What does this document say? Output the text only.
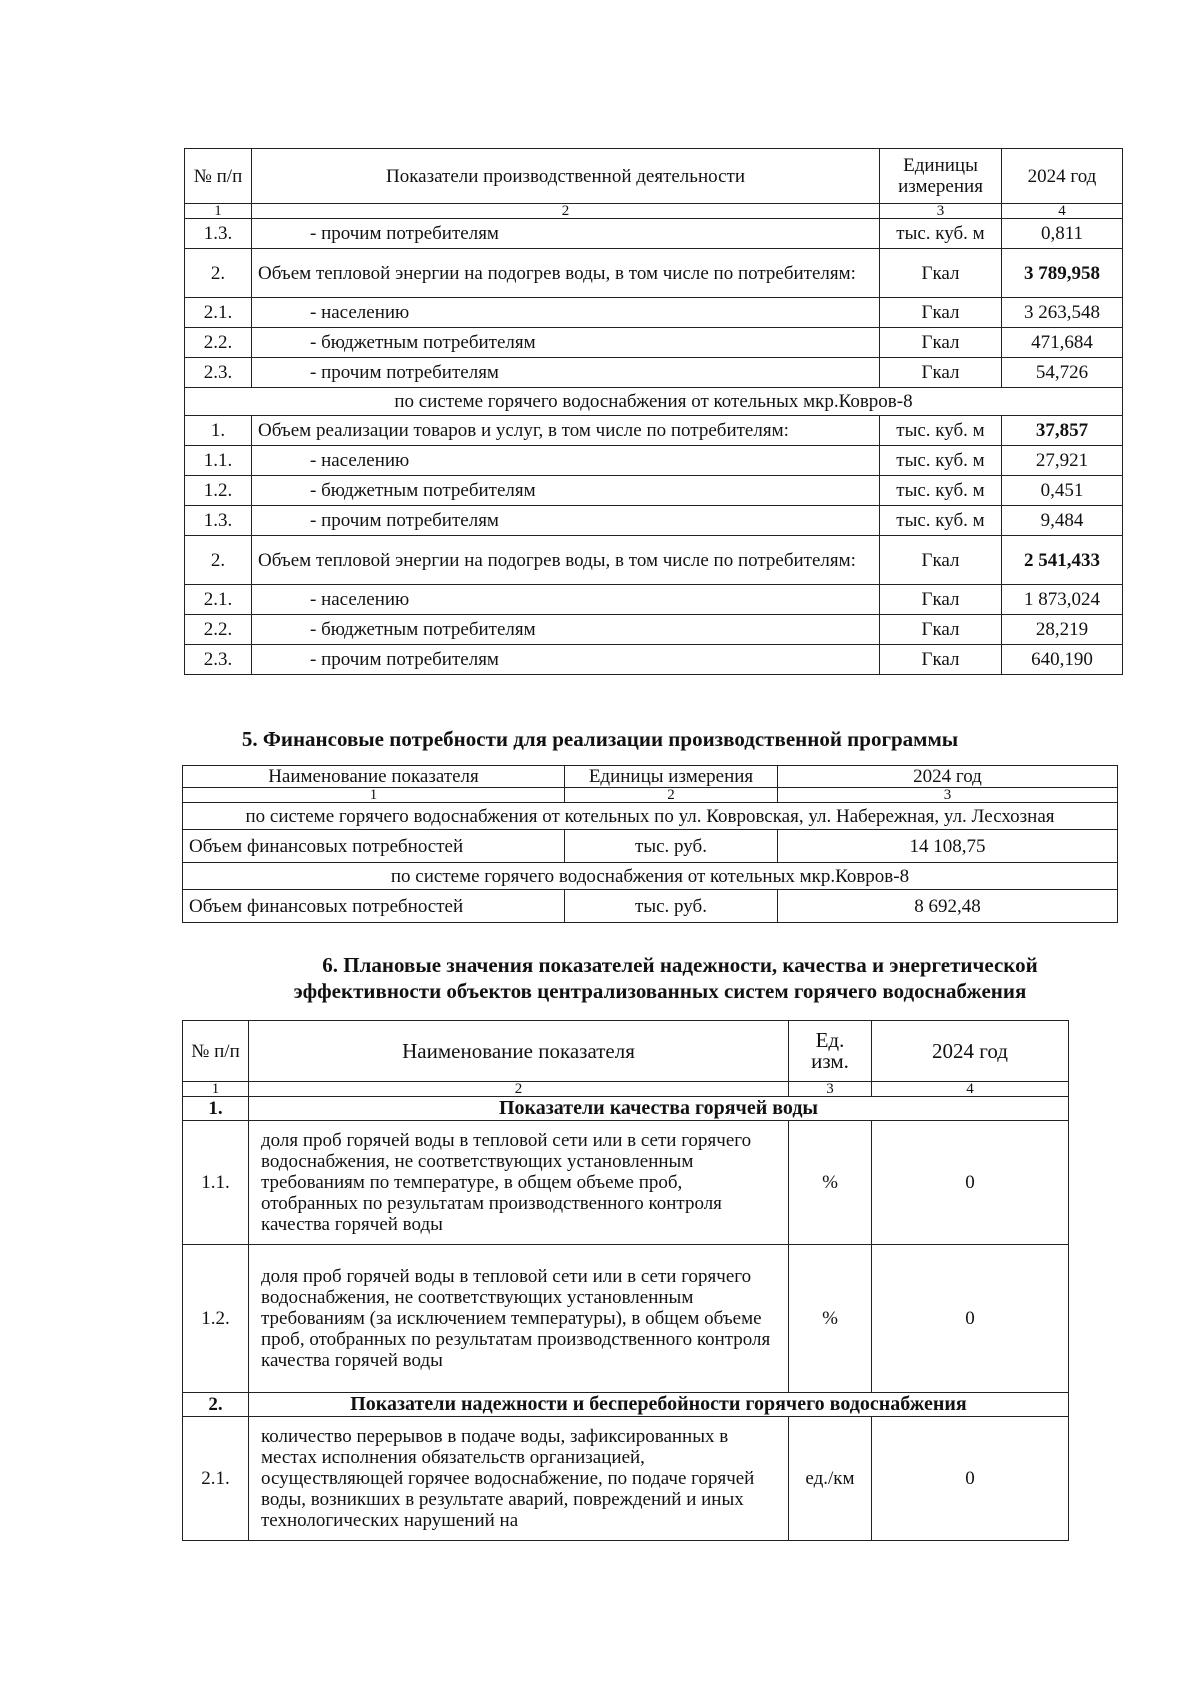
№ п/п	Показатели производственной деятельности	Единицы измерения	2024 год
1	2	3	4
1.3.	- прочим потребителям	тыс. куб. м	0,811
2.	Объем тепловой энергии на подогрев воды, в том числе по потребителям:	Гкал	3 789,958
2.1.	- населению	Гкал	3 263,548
2.2.	- бюджетным потребителям	Гкал	471,684
2.3.	- прочим потребителям	Гкал	54,726
по системе горячего водоснабжения от котельных мкр.Ковров-8			
1.	Объем реализации товаров и услуг, в том числе по потребителям:	тыс. куб. м	37,857
1.1.	- населению	тыс. куб. м	27,921
1.2.	- бюджетным потребителям	тыс. куб. м	0,451
1.3.	- прочим потребителям	тыс. куб. м	9,484
2.	Объем тепловой энергии на подогрев воды, в том числе по потребителям:	Гкал	2 541,433
2.1.	- населению	Гкал	1 873,024
2.2.	- бюджетным потребителям	Гкал	28,219
2.3.	- прочим потребителям	Гкал	640,190
5. Финансовые потребности для реализации производственной программы
Наименование показателя	Единицы измерения	2024 год
1	2	3
по системе горячего водоснабжения от котельных по ул. Ковровская, ул. Набережная, ул. Лесхозная		
Объем финансовых потребностей	тыс. руб.	14 108,75
по системе горячего водоснабжения от котельных мкр.Ковров-8		
Объем финансовых потребностей	тыс. руб.	8 692,48
6. Плановые значения показателей надежности, качества и энергетической
эффективности объектов централизованных систем горячего водоснабжения
№ п/п	Наименование показателя	Ед. изм.	2024 год
1	2	3	4
1.	Показатели качества горячей воды		
1.1.	доля проб горячей воды в тепловой сети или в сети горячего водоснабжения, не соответствующих установленным требованиям по температуре, в общем объеме проб, отобранных по результатам производственного контроля качества горячей воды	%	0
1.2.	доля проб горячей воды в тепловой сети или в сети горячего водоснабжения, не соответствующих установленным требованиям (за исключением температуры), в общем объеме проб, отобранных по результатам производственного контроля качества горячей воды	%	0
2.	Показатели надежности и бесперебойности горячего водоснабжения		
2.1.	количество перерывов в подаче воды, зафиксированных в местах исполнения обязательств организацией, осуществляющей горячее водоснабжение, по подаче горячей воды, возникших в результате аварий, повреждений и иных технологических нарушений на	ед./км	0
